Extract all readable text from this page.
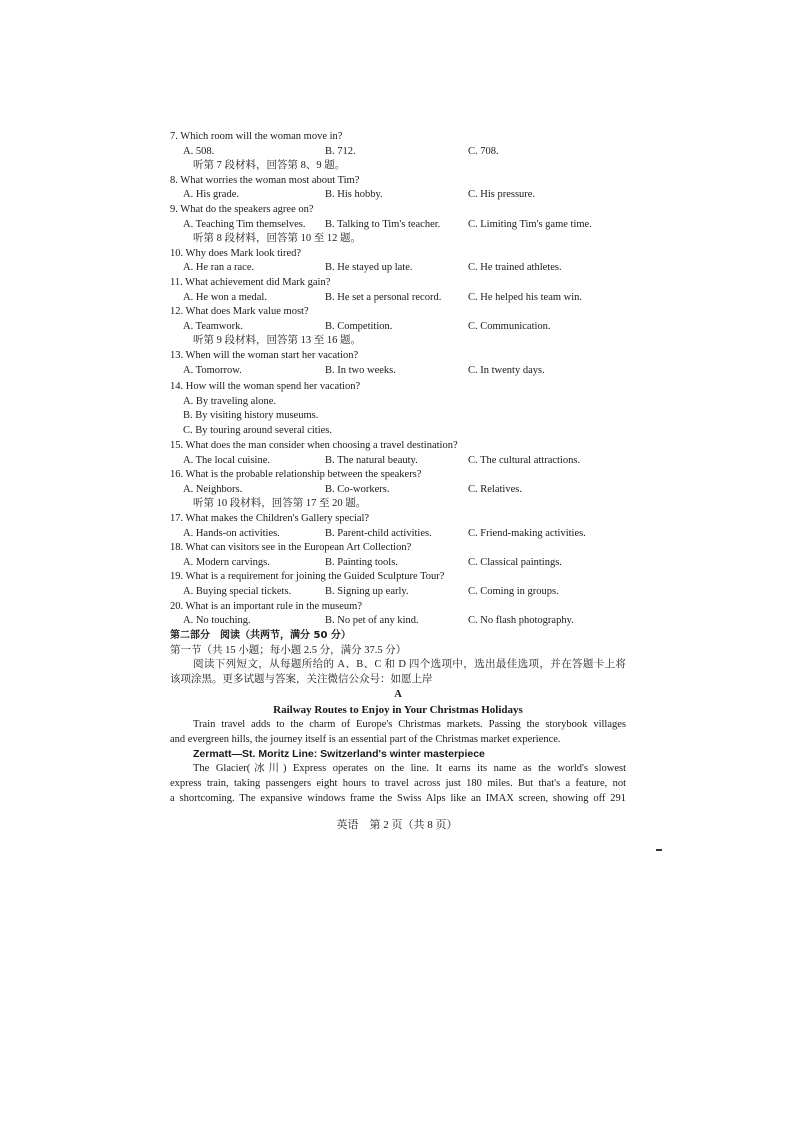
7. Which room will the woman move in?
A. 508.	B. 712.	C. 708.
听第 7 段材料，回答第 8、9 题。
8. What worries the woman most about Tim?
A. His grade.	B. His hobby.	C. His pressure.
9. What do the speakers agree on?
A. Teaching Tim themselves. B. Talking to Tim's teacher.	C. Limiting Tim's game time.
听第 8 段材料，回答第 10 至 12 题。
10. Why does Mark look tired?
A. He ran a race.	B. He stayed up late.	C. He trained athletes.
11. What achievement did Mark gain?
A. He won a medal.	B. He set a personal record.	C. He helped his team win.
12. What does Mark value most?
A. Teamwork.	B. Competition.	C. Communication.
听第 9 段材料，回答第 13 至 16 题。
13. When will the woman start her vacation?
A. Tomorrow.	B. In two weeks.	C. In twenty days.
14. How will the woman spend her vacation?
A. By traveling alone.
B. By visiting history museums.
C. By touring around several cities.
15. What does the man consider when choosing a travel destination?
A. The local cuisine.	B. The natural beauty.	C. The cultural attractions.
16. What is the probable relationship between the speakers?
A. Neighbors.	B. Co-workers.	C. Relatives.
听第 10 段材料，回答第 17 至 20 题。
17. What makes the Children's Gallery special?
A. Hands-on activities.	B. Parent-child activities.	C. Friend-making activities.
18. What can visitors see in the European Art Collection?
A. Modern carvings.	B. Painting tools.	C. Classical paintings.
19. What is a requirement for joining the Guided Sculpture Tour?
A. Buying special tickets.	B. Signing up early.	C. Coming in groups.
20. What is an important rule in the museum?
A. No touching.	B. No pet of any kind.	C. No flash photography.
第二部分　阅读（共两节，满分 50 分）
第一节（共 15 小题；每小题 2.5 分，满分 37.5 分）
阅读下列短文，从每题所给的 A、B、C 和 D 四个选项中，选出最佳选项，并在答题卡上将
该项涂黑。更多试题与答案，关注微信公众号：如愿上岸
A
Railway Routes to Enjoy in Your Christmas Holidays
Train travel adds to the charm of Europe's Christmas markets. Passing the storybook villages
and evergreen hills, the journey itself is an essential part of the Christmas market experience.
Zermatt—St. Moritz Line: Switzerland's winter masterpiece
The Glacier(冰川) Express operates on the line. It earns its name as the world's slowest
express train, taking passengers eight hours to travel across just 180 miles. But that's a feature, not
a shortcoming. The expansive windows frame the Swiss Alps like an IMAX screen, showing off 291
英语　第 2 页（共 8 页）
